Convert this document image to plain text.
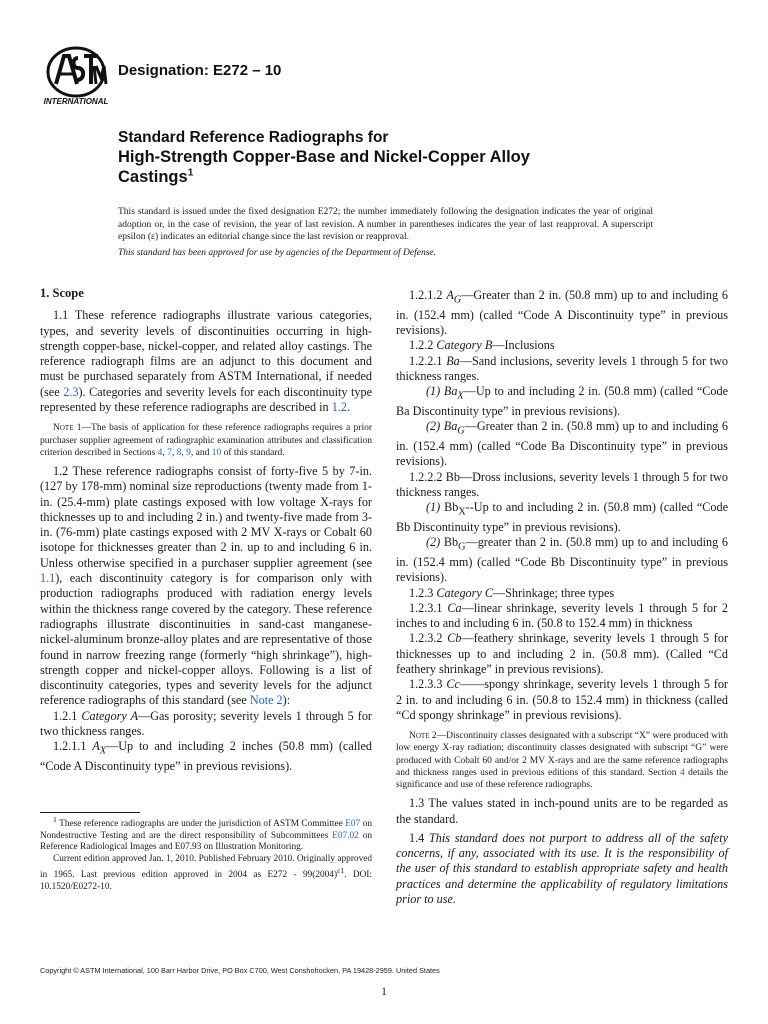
INTERNATIONAL
Designation: E272 – 10
Standard Reference Radiographs for
High-Strength Copper-Base and Nickel-Copper Alloy
Castings$^1$
This standard is issued under the fixed designation E272; the number immediately following the designation indicates the year of original adoption or, in the case of revision, the year of last revision. A number in parentheses indicates the year of last reapproval. A superscript epsilon (ε) indicates an editorial change since the last revision or reapproval.
This standard has been approved for use by agencies of the Department of Defense.

1. Scope

1.1 These reference radiographs illustrate various categories, types, and severity levels of discontinuities occurring in high-strength copper-base, nickel-copper, and related alloy castings. The reference radiograph films are an adjunct to this document and must be purchased separately from ASTM International, if needed (see 2.3). Categories and severity levels for each discontinuity type represented by these reference radiographs are described in 1.2.

Note 1—The basis of application for these reference radiographs requires a prior purchaser supplier agreement of radiographic examination attributes and classification criterion described in Sections 4, 7, 8, 9, and 10 of this standard.

1.2 These reference radiographs consist of forty-five 5 by 7-in. (127 by 178-mm) nominal size reproductions (twenty made from 1-in. (25.4-mm) plate castings exposed with low voltage X-rays for thicknesses up to and including 2 in.) and twenty-five made from 3-in. (76-mm) plate castings exposed with 2 MV X-rays or Cobalt 60 isotope for thicknesses greater than 2 in. up to and including 6 in. Unless otherwise specified in a purchaser supplier agreement (see 1.1), each discontinuity category is for comparison only with production radiographs produced with radiation energy levels within the thickness range covered by the category. These reference radiographs illustrate discontinuities in sand-cast manganese-nickel-aluminum bronze-alloy plates and are representative of those found in narrow freezing range (formerly “high shrinkage”), high-strength copper and nickel-copper alloys. Following is a list of discontinuity categories, types and severity levels for the adjunct reference radiographs of this standard (see Note 2):

1.2.1 Category A—Gas porosity; severity levels 1 through 5 for two thickness ranges.

1.2.1.1 $A_X—Up$ to and including 2 inches (50.8 mm) (called “Code A Discontinuity type” in previous revisions).

1.2.1.2 $A_G—Greater$ than 2 in. (50.8 mm) up to and including 6 in. (152.4 mm) (called “Code A Discontinuity type” in previous revisions).

1.2.2 Category B—Inclusions

1.2.2.1 Ba—Sand inclusions, severity levels 1 through 5 for two thickness ranges.

(1) $Ba_X—Up$ to and including 2 in. (50.8 mm) (called “Code Ba Discontinuity type” in previous revisions).

(2) $Ba_G—Greater$ than 2 in. (50.8 mm) up to and including 6 in. (152.4 mm) (called “Code Ba Discontinuity type” in previous revisions).

1.2.2.2 Bb—Dross inclusions, severity levels 1 through 5 for two thickness ranges.

(1) $Bb_X--Up$ to and including 2 in. (50.8 mm) (called “Code Bb Discontinuity type” in previous revisions).

(2) $Bb_G—greater$ than 2 in. (50.8 mm) up to and including 6 in. (152.4 mm) (called “Code Bb Discontinuity type” in previous revisions).

1.2.3 Category C—Shrinkage; three types

1.2.3.1 Ca—linear shrinkage, severity levels 1 through 5 for 2 inches to and including 6 in. (50.8 to 152.4 mm) in thickness

1.2.3.2 Cb—feathery shrinkage, severity levels 1 through 5 for thicknesses up to and including 2 in. (50.8 mm). (Called “Cd feathery shrinkage” in previous revisions).

1.2.3.3 Cc——spongy shrinkage, severity levels 1 through 5 for 2 in. to and including 6 in. (50.8 to 152.4 mm) in thickness (called “Cd spongy shrinkage” in previous revisions).

Note 2—Discontinuity classes designated with a subscript “X” were produced with low energy X-ray radiation; discontinuity classes designated with subscript “G” were produced with Cobalt 60 and/or 2 MV X-rays and are the same reference radiographs and thickness ranges used in previous editions of this standard. Section 4 details the significance and use of these reference radiographs.

1.3 The values stated in inch-pound units are to be regarded as the standard.

1.4 This standard does not purport to address all of the safety concerns, if any, associated with its use. It is the responsibility of the user of this standard to establish appropriate safety and health practices and determine the applicability of regulatory limitations prior to use.

$^1$ These reference radiographs are under the jurisdiction of ASTM Committee E07 on Nondestructive Testing and are the direct responsibility of Subcommittees E07.02 on Reference Radiological Images and E07.93 on Illustration Monitoring.

Current edition approved Jan. 1, 2010. Published February 2010. Originally approved in 1965. Last previous edition approved in 2004 as $E272 - 99(2004)^{\varepsilon 1}$. DOI: 10.1520/E0272-10.

Copyright © ASTM International, 100 Barr Harbor Drive, PO Box C700, West Conshohocken, PA 19428-2959. United States
1
